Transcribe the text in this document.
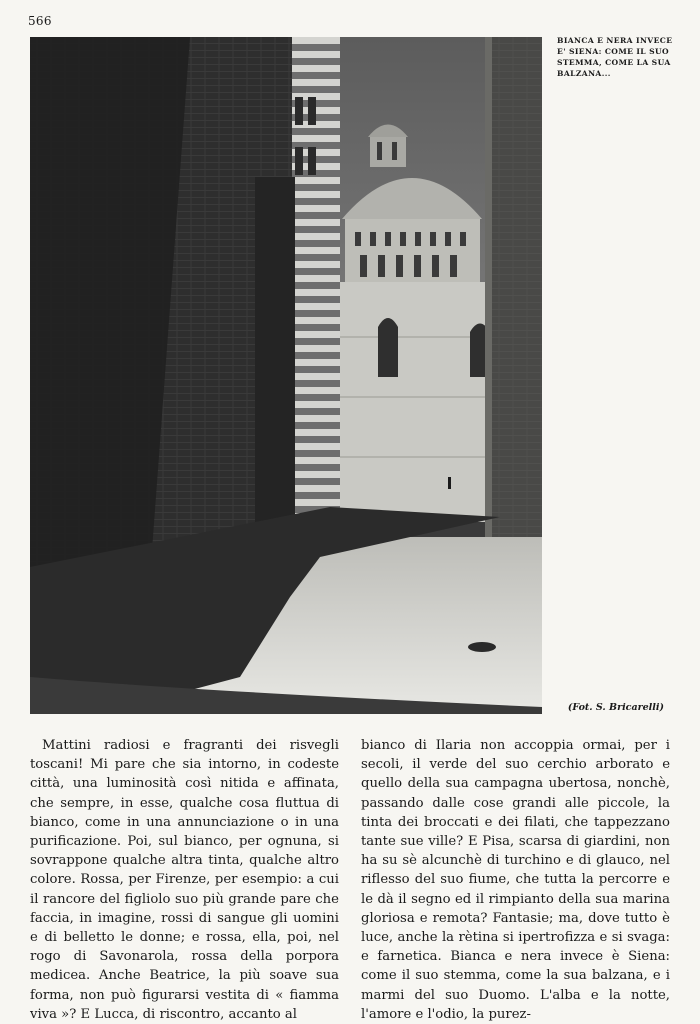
566
BIANCA E NERA INVECE E' SIENA: COME IL SUO STEMMA, COME LA SUA BALZANA...
(Fot. S. Bricarelli)

Mattini radiosi e fragranti dei risvegli toscani! Mi pare che sia intorno, in codeste città, una luminosità così nitida e affinata, che sempre, in esse, qualche cosa fluttua di bianco, come in una annunciazione o in una purificazione. Poi, sul bianco, per ognuna, si sovrappone qualche altra tinta, qualche altro colore. Rossa, per Firenze, per esempio: a cui il rancore del figliolo suo più grande pare che faccia, in imagine, rossi di sangue gli uomini e di belletto le donne; e rossa, ella, poi, nel rogo di Savonarola, rossa della porpora medicea. Anche Beatrice, la più soave sua forma, non può figurarsi vestita di « fiamma viva »? E Lucca, di riscontro, accanto al

bianco di Ilaria non accoppia ormai, per i secoli, il verde del suo cerchio arborato e quello della sua campagna ubertosa, nonchè, passando dalle cose grandi alle piccole, la tinta dei broccati e dei filati, che tappezzano tante sue ville? E Pisa, scarsa di giardini, non ha su sè alcunchè di turchino e di glauco, nel riflesso del suo fiume, che tutta la percorre e le dà il segno ed il rimpianto della sua marina gloriosa e remota? Fantasie; ma, dove tutto è luce, anche la rètina si ipertrofizza e si svaga: e farnetica. Bianca e nera invece è Siena: come il suo stemma, come la sua balzana, e i marmi del suo Duomo. L'alba e la notte, l'amore e l'odio, la purez-
